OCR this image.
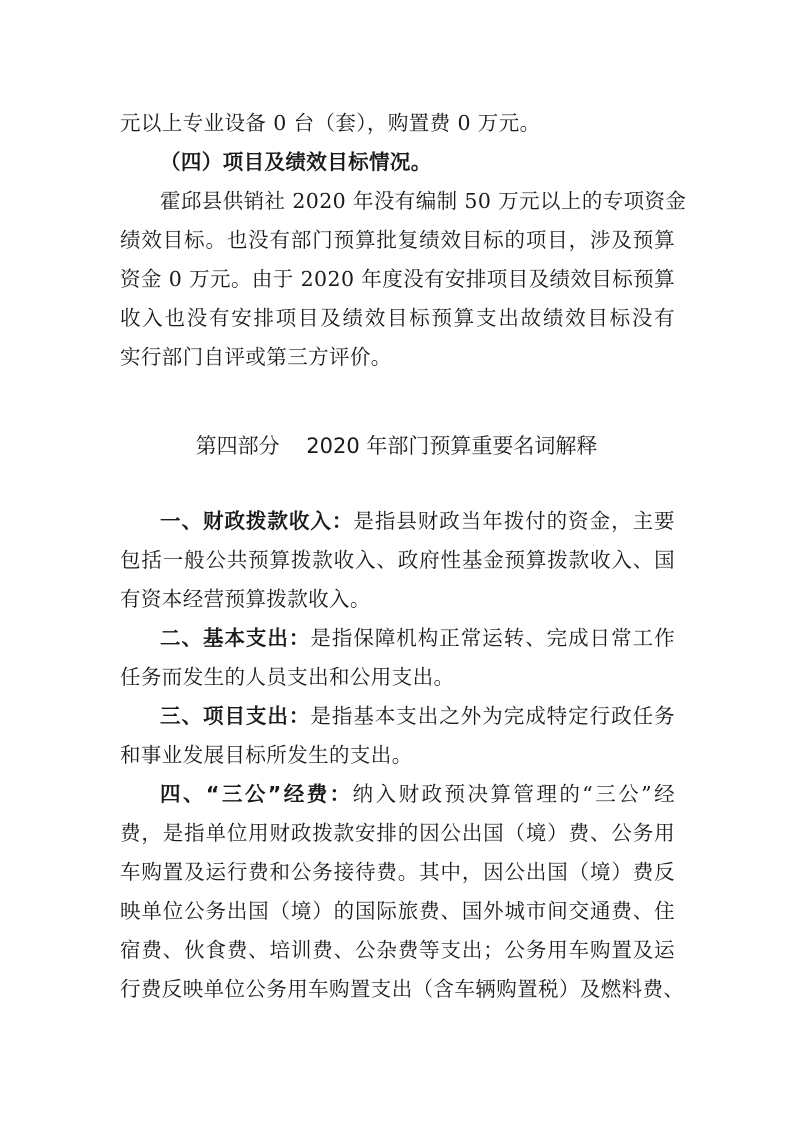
元以上专业设备 0 台（套），购置费 0 万元。
（四）项目及绩效目标情况。
霍邱县供销社 2020 年没有编制 50 万元以上的专项资金
绩效目标。也没有部门预算批复绩效目标的项目，涉及预算
资金 0 万元。由于 2020 年度没有安排项目及绩效目标预算
收入也没有安排项目及绩效目标预算支出故绩效目标没有
实行部门自评或第三方评价。
第四部分 2020 年部门预算重要名词解释
一、财政拨款收入：是指县财政当年拨付的资金，主要
包括一般公共预算拨款收入、政府性基金预算拨款收入、国
有资本经营预算拨款收入。
二、基本支出：是指保障机构正常运转、完成日常工作
任务而发生的人员支出和公用支出。
三、项目支出：是指基本支出之外为完成特定行政任务
和事业发展目标所发生的支出。
四、“三公”经费：纳入财政预决算管理的“三公”经
费，是指单位用财政拨款安排的因公出国（境）费、公务用
车购置及运行费和公务接待费。其中，因公出国（境）费反
映单位公务出国（境）的国际旅费、国外城市间交通费、住
宿费、伙食费、培训费、公杂费等支出；公务用车购置及运
行费反映单位公务用车购置支出（含车辆购置税）及燃料费、
